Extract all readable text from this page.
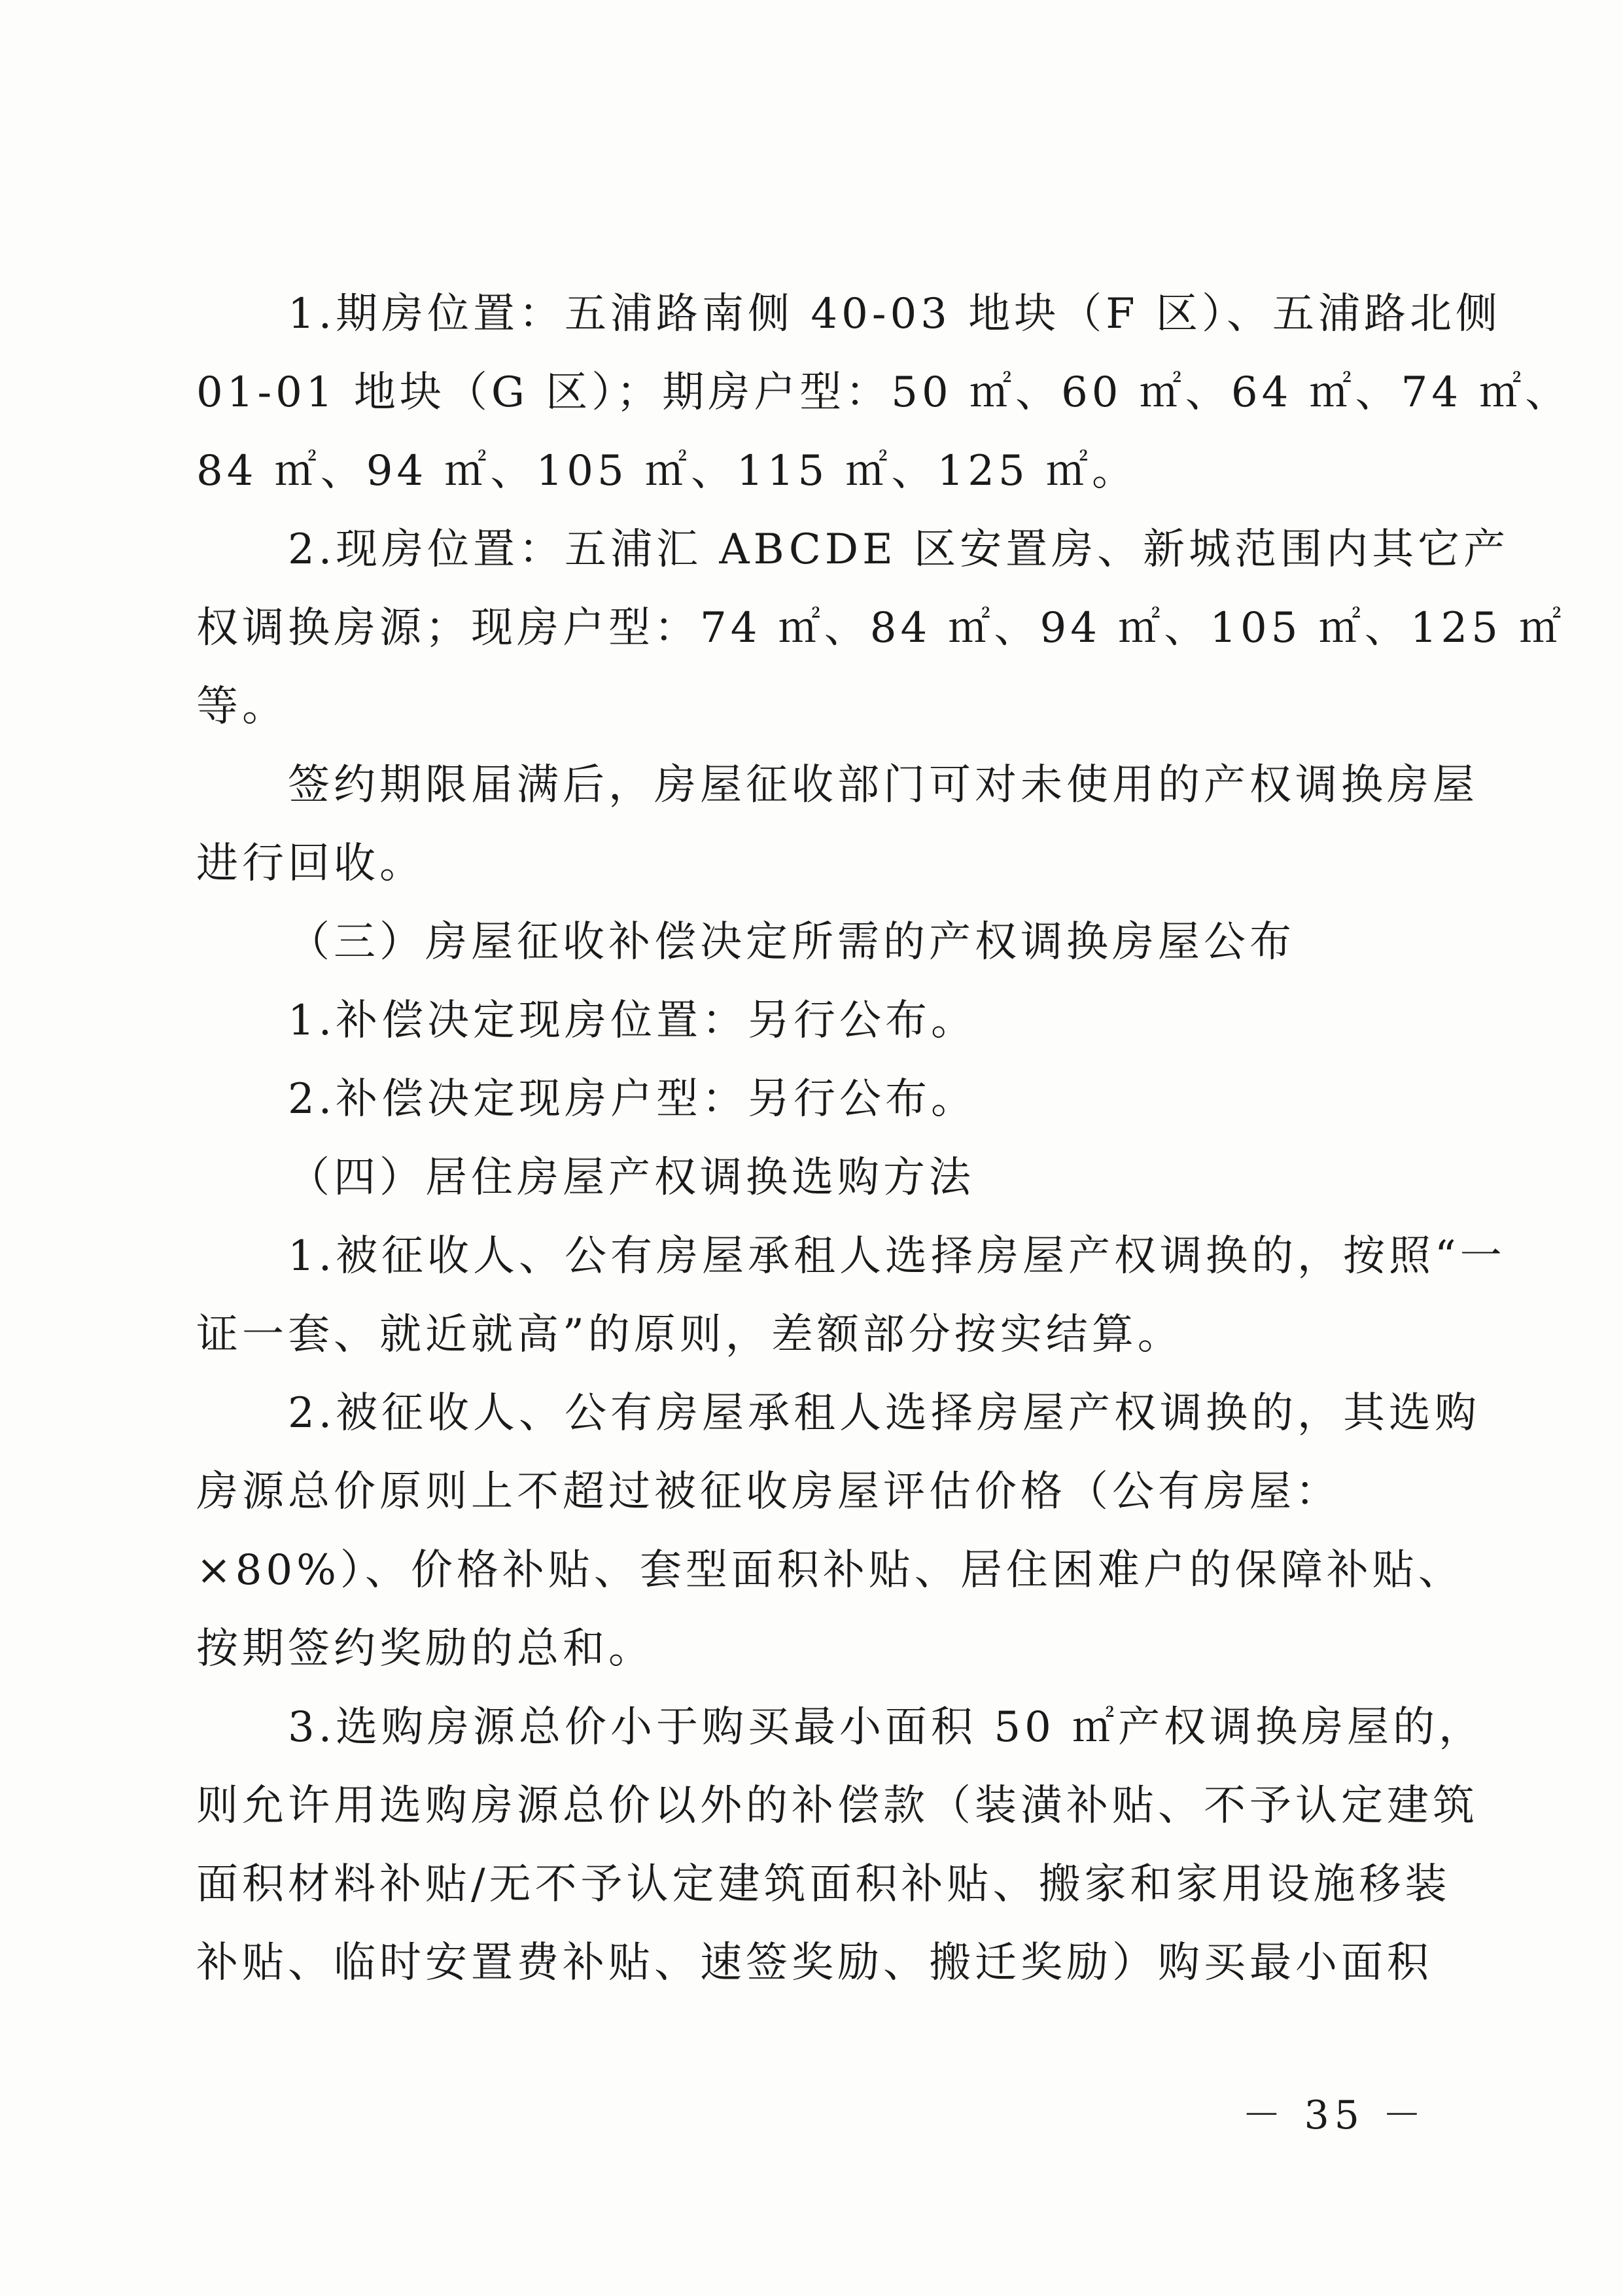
1.期房位置：五浦路南侧 40-03 地块（F 区）、五浦路北侧

01-01 地块（G 区）；期房户型：50 ㎡、60 ㎡、64 ㎡、74 ㎡、

84 ㎡、94 ㎡、105 ㎡、115 ㎡、125 ㎡。

2.现房位置：五浦汇 ABCDE 区安置房、新城范围内其它产

权调换房源；现房户型：74 ㎡、84 ㎡、94 ㎡、105 ㎡、125 ㎡

等。

签约期限届满后，房屋征收部门可对未使用的产权调换房屋

进行回收。

（三）房屋征收补偿决定所需的产权调换房屋公布

1.补偿决定现房位置：另行公布。

2.补偿决定现房户型：另行公布。

（四）居住房屋产权调换选购方法

1.被征收人、公有房屋承租人选择房屋产权调换的，按照“一

证一套、就近就高”的原则，差额部分按实结算。

2.被征收人、公有房屋承租人选择房屋产权调换的，其选购

房源总价原则上不超过被征收房屋评估价格（公有房屋：

×80%）、价格补贴、套型面积补贴、居住困难户的保障补贴、

按期签约奖励的总和。

3.选购房源总价小于购买最小面积 50 ㎡产权调换房屋的，

则允许用选购房源总价以外的补偿款（装潢补贴、不予认定建筑

面积材料补贴/无不予认定建筑面积补贴、搬家和家用设施移装

补贴、临时安置费补贴、速签奖励、搬迁奖励）购买最小面积

－ 35 －
